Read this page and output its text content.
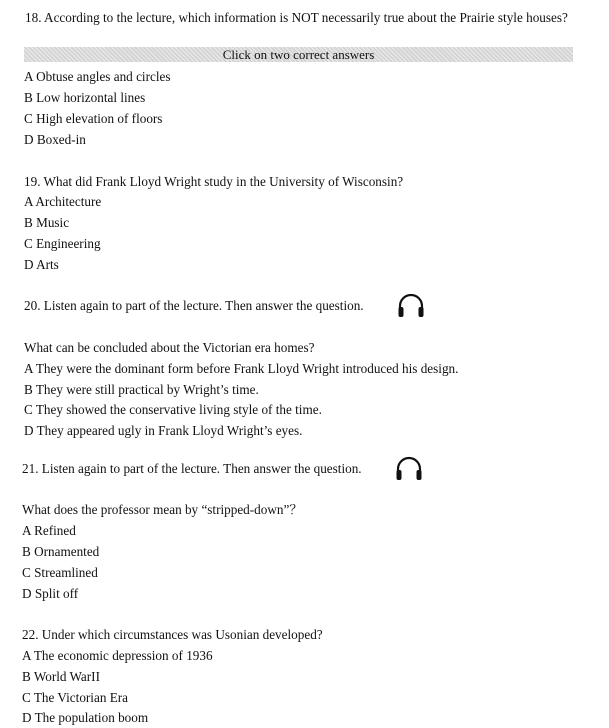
18. According to the lecture, which information is NOT necessarily true about the Prairie style houses?
Click on two correct answers
A Obtuse angles and circles
B Low horizontal lines
C High elevation of floors
D Boxed-in
19. What did Frank Lloyd Wright study in the University of Wisconsin?
A Architecture
B Music
C Engineering
D Arts
20. Listen again to part of the lecture. Then answer the question.
What can be concluded about the Victorian era homes?
A They were the dominant form before Frank Lloyd Wright introduced his design.
B They were still practical by Wright’s time.
C They showed the conservative living style of the time.
D They appeared ugly in Frank Lloyd Wright’s eyes.
21. Listen again to part of the lecture. Then answer the question.
What does the professor mean by “stripped-down”？
A Refined
B Ornamented
C Streamlined
D Split off
22. Under which circumstances was Usonian developed?
A The economic depression of 1936
B World WarII
C The Victorian Era
D The population boom
